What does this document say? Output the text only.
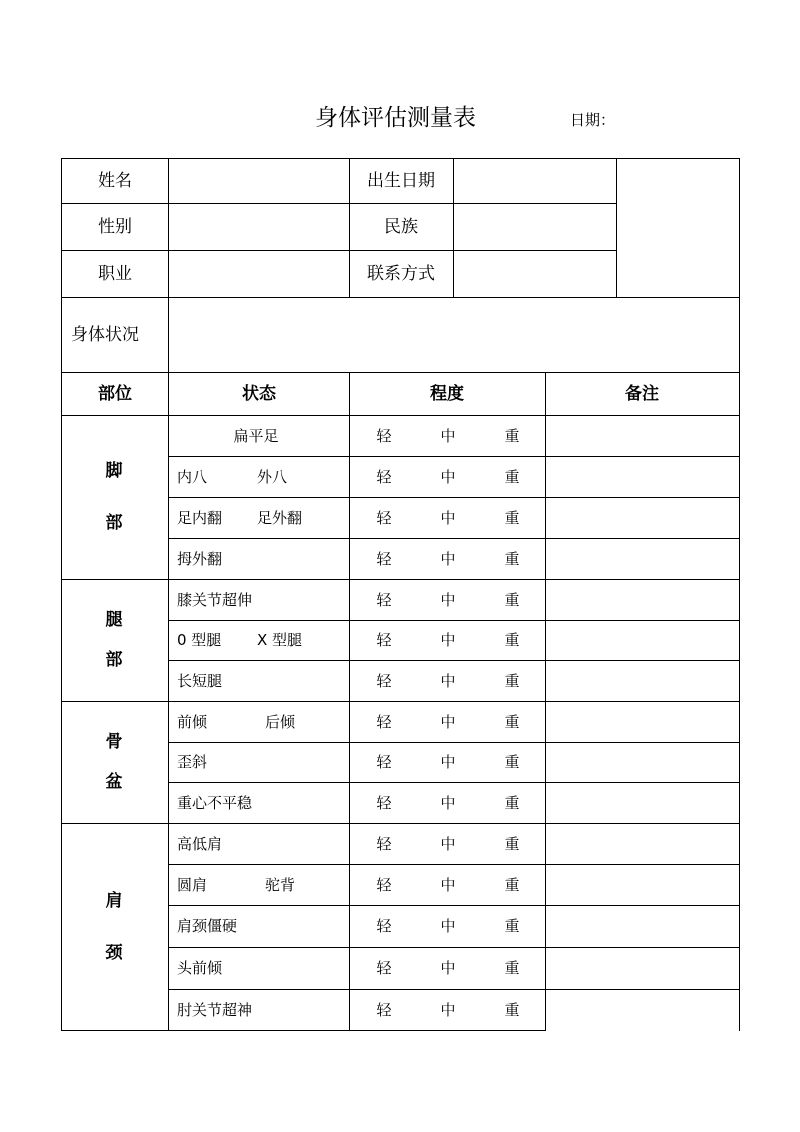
身体评估测量表	日期：
姓名	出生日期
性别	民族
职业	联系方式
身体状况
部位	状态	程度	备注
脚
部
扁平足	轻	中	重
内八	外八	轻	中	重
足内翻 足外翻	轻	中	重
拇外翻	轻	中	重
腿
部
膝关节超伸	轻	中	重
0 型腿 X 型腿	轻	中	重
长短腿	轻	中	重
骨
盆
前倾	后倾	轻	中	重
歪斜	轻	中	重
重心不平稳	轻	中	重
肩
颈
高低肩	轻	中	重
圆肩	驼背	轻	中	重
肩颈僵硬	轻	中	重
头前倾	轻	中	重
肘关节超神	轻	中	重
